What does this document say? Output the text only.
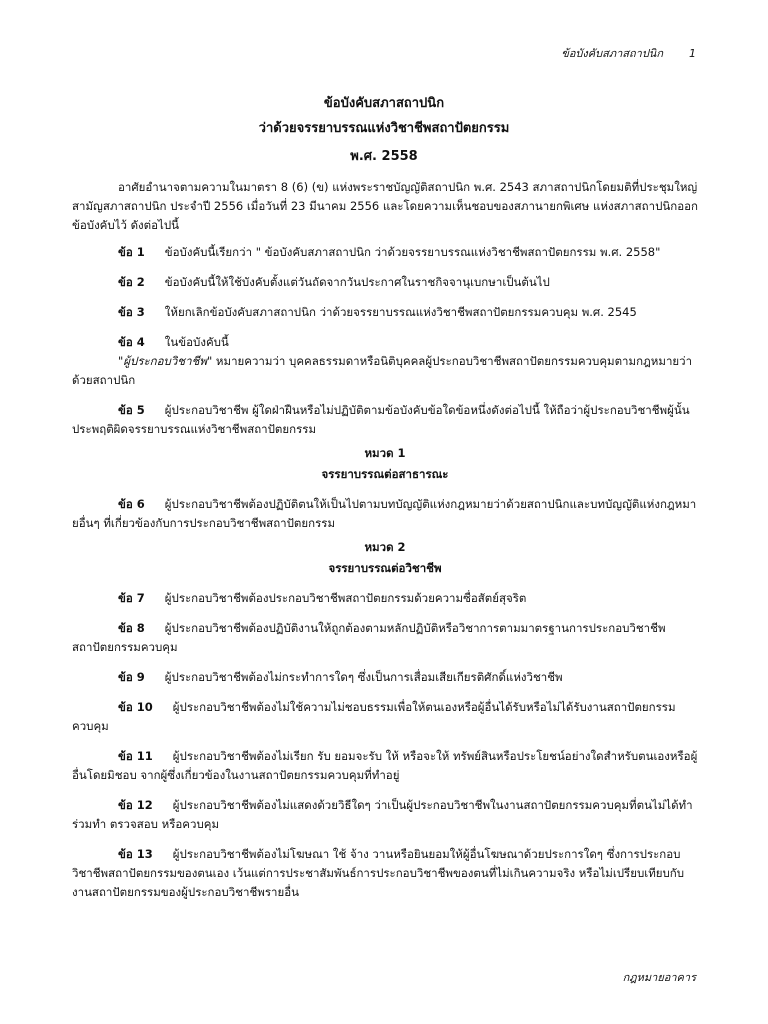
ข้อบังคับสภาสถาปนิก 1
ข้อบังคับสภาสถาปนิก
ว่าด้วยจรรยาบรรณแห่งวิชาชีพสถาปัตยกรรม
พ.ศ. 2558

อาศัยอำนาจตามความในมาตรา 8 (6) (ข) แห่งพระราชบัญญัติสถาปนิก พ.ศ. 2543 สภาสถาปนิกโดยมติที่ประชุมใหญ่สามัญสภาสถาปนิก ประจำปี 2556 เมื่อวันที่ 23 มีนาคม 2556 และโดยความเห็นชอบของสภานายกพิเศษ แห่งสภาสถาปนิกออกข้อบังคับไว้ ดังต่อไปนี้

ข้อ 1 ข้อบังคับนี้เรียกว่า " ข้อบังคับสภาสถาปนิก ว่าด้วยจรรยาบรรณแห่งวิชาชีพสถาปัตยกรรม พ.ศ. 2558"

ข้อ 2 ข้อบังคับนี้ให้ใช้บังคับตั้งแต่วันถัดจากวันประกาศในราชกิจจานุเบกษาเป็นต้นไป

ข้อ 3 ให้ยกเลิกข้อบังคับสภาสถาปนิก ว่าด้วยจรรยาบรรณแห่งวิชาชีพสถาปัตยกรรมควบคุม พ.ศ. 2545

ข้อ 4 ในข้อบังคับนี้

"ผู้ประกอบวิชาชีพ" หมายความว่า บุคคลธรรมดาหรือนิติบุคคลผู้ประกอบวิชาชีพสถาปัตยกรรมควบคุมตามกฎหมายว่าด้วยสถาปนิก

ข้อ 5 ผู้ประกอบวิชาชีพ ผู้ใดฝ่าฝืนหรือไม่ปฏิบัติตามข้อบังคับข้อใดข้อหนึ่งดังต่อไปนี้ ให้ถือว่าผู้ประกอบวิชาชีพผู้นั้นประพฤติผิดจรรยาบรรณแห่งวิชาชีพสถาปัตยกรรม

หมวด 1

จรรยาบรรณต่อสาธารณะ

ข้อ 6 ผู้ประกอบวิชาชีพต้องปฏิบัติตนให้เป็นไปตามบทบัญญัติแห่งกฎหมายว่าด้วยสถาปนิกและบทบัญญัติแห่งกฎหมายอื่นๆ ที่เกี่ยวข้องกับการประกอบวิชาชีพสถาปัตยกรรม

หมวด 2

จรรยาบรรณต่อวิชาชีพ

ข้อ 7 ผู้ประกอบวิชาชีพต้องประกอบวิชาชีพสถาปัตยกรรมด้วยความซื่อสัตย์สุจริต

ข้อ 8 ผู้ประกอบวิชาชีพต้องปฏิบัติงานให้ถูกต้องตามหลักปฏิบัติหรือวิชาการตามมาตรฐานการประกอบวิชาชีพสถาปัตยกรรมควบคุม

ข้อ 9 ผู้ประกอบวิชาชีพต้องไม่กระทำการใดๆ ซึ่งเป็นการเสื่อมเสียเกียรติศักดิ์แห่งวิชาชีพ

ข้อ 10 ผู้ประกอบวิชาชีพต้องไม่ใช้ความไม่ชอบธรรมเพื่อให้ตนเองหรือผู้อื่นได้รับหรือไม่ได้รับงานสถาปัตยกรรมควบคุม

ข้อ 11 ผู้ประกอบวิชาชีพต้องไม่เรียก รับ ยอมจะรับ ให้ หรือจะให้ ทรัพย์สินหรือประโยชน์อย่างใดสำหรับตนเองหรือผู้อื่นโดยมิชอบ จากผู้ซึ่งเกี่ยวข้องในงานสถาปัตยกรรมควบคุมที่ทำอยู่

ข้อ 12 ผู้ประกอบวิชาชีพต้องไม่แสดงด้วยวิธีใดๆ ว่าเป็นผู้ประกอบวิชาชีพในงานสถาปัตยกรรมควบคุมที่ตนไม่ได้ทำ ร่วมทำ ตรวจสอบ หรือควบคุม

ข้อ 13 ผู้ประกอบวิชาชีพต้องไม่โฆษณา ใช้ จ้าง วานหรือยินยอมให้ผู้อื่นโฆษณาด้วยประการใดๆ ซึ่งการประกอบวิชาชีพสถาปัตยกรรมของตนเอง เว้นแต่การประชาสัมพันธ์การประกอบวิชาชีพของตนที่ไม่เกินความจริง หรือไม่เปรียบเทียบกับงานสถาปัตยกรรมของผู้ประกอบวิชาชีพรายอื่น

กฎหมายอาคาร
